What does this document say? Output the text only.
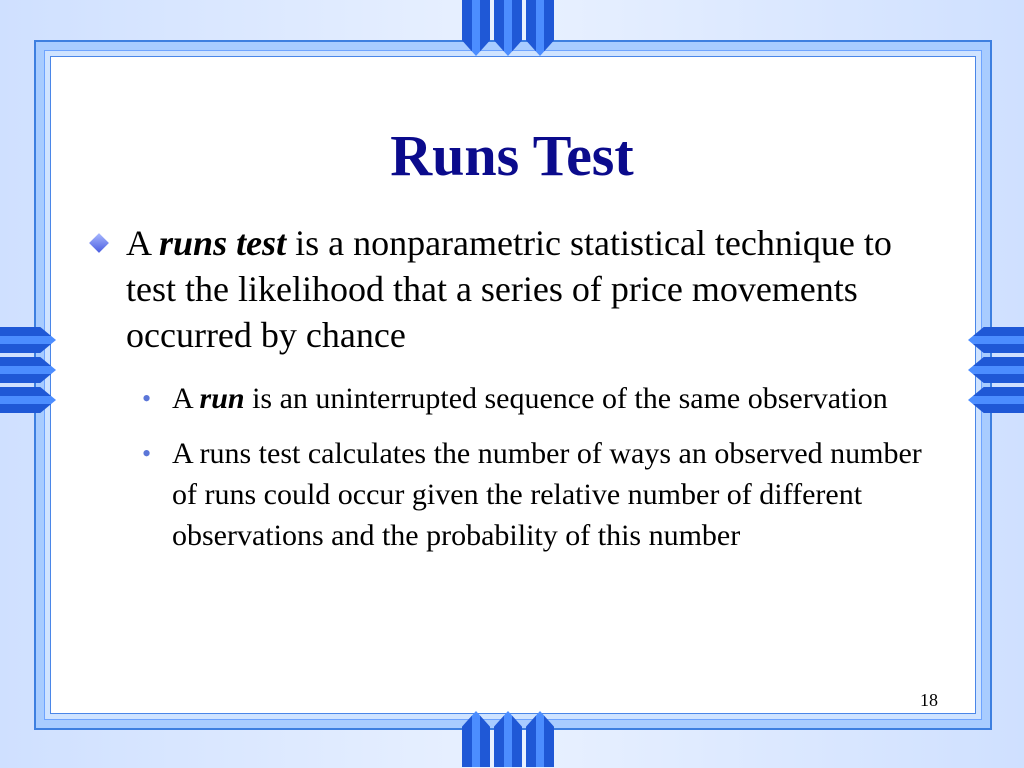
Runs Test
A runs test is a nonparametric statistical technique to test the likelihood that a series of price movements occurred by chance
• A run is an uninterrupted sequence of the same observation
• A runs test calculates the number of ways an observed number of runs could occur given the relative number of different observations and the probability of this number
18
